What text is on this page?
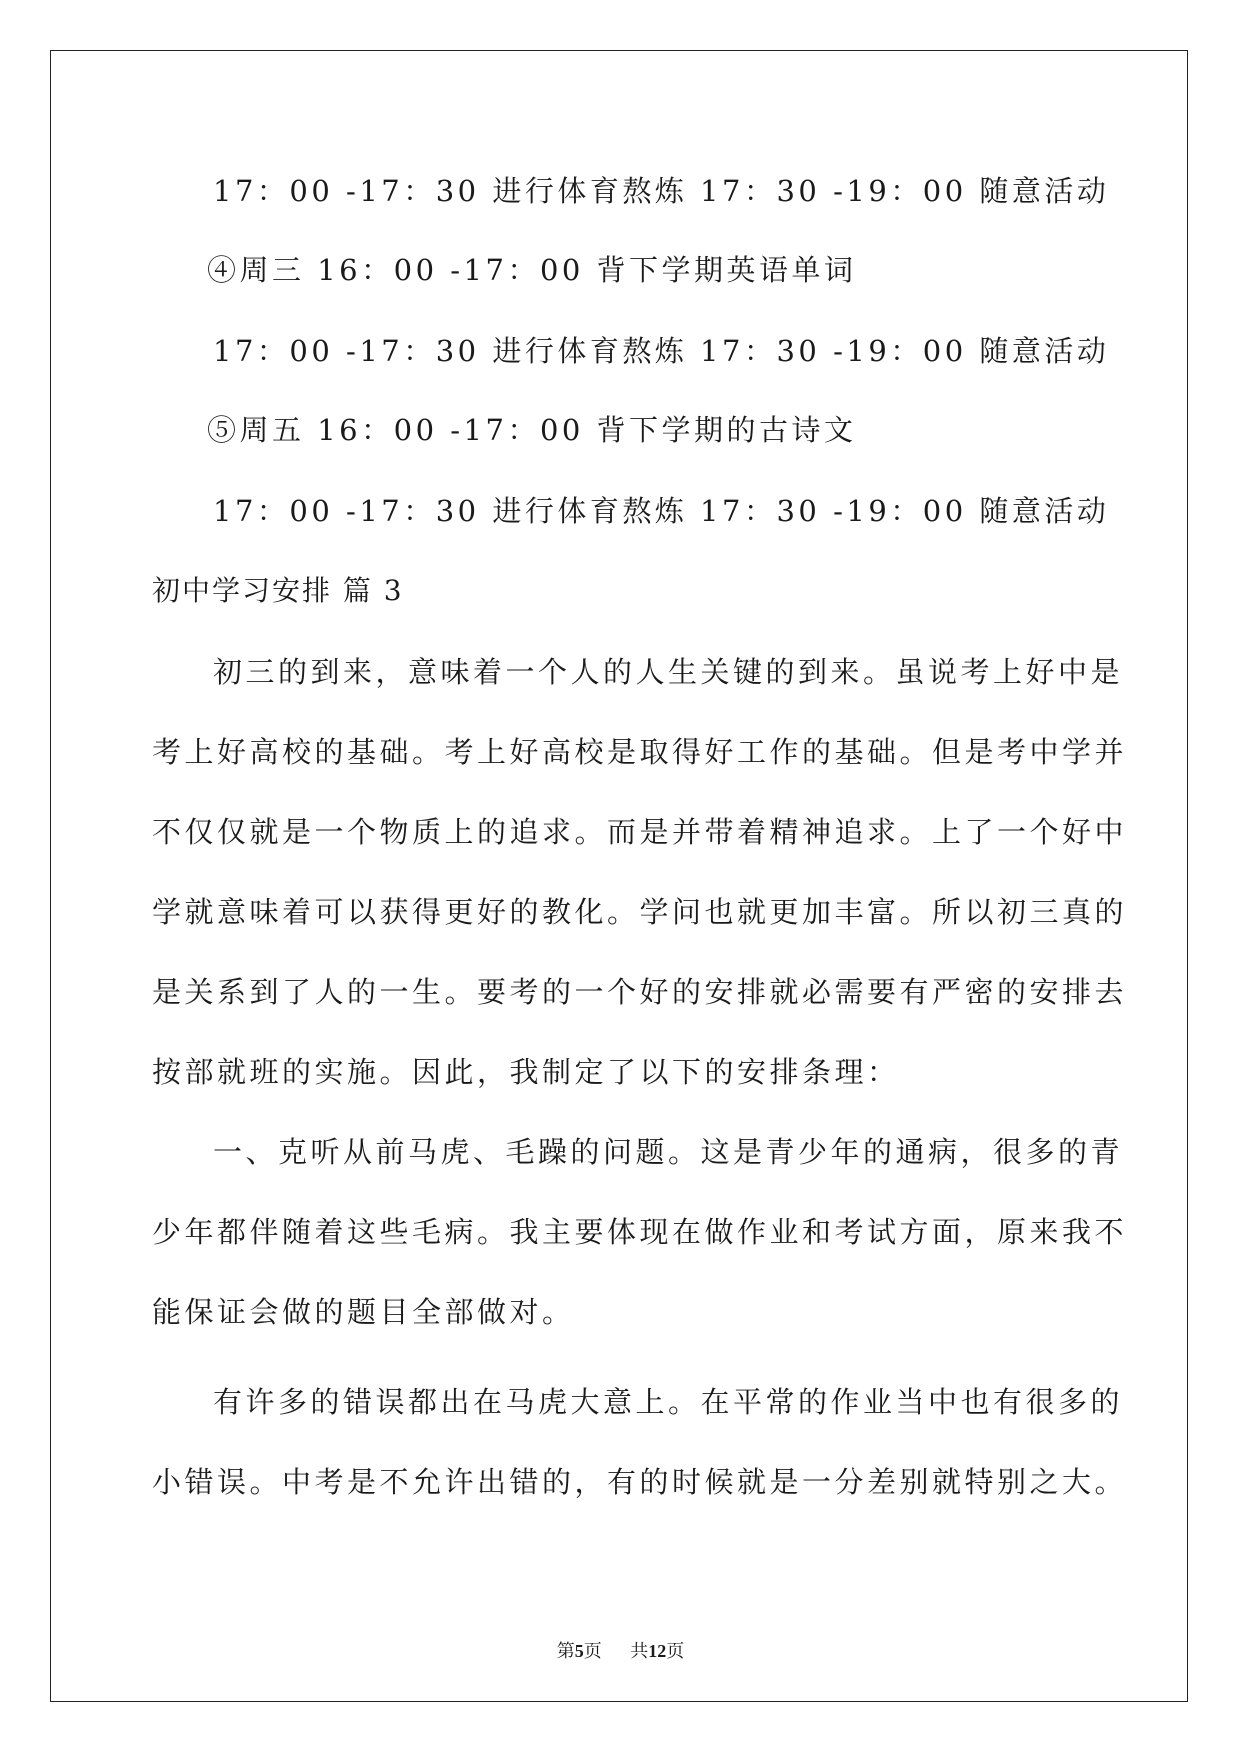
17：00 -17：30 进行体育熬炼 17：30 -19：00 随意活动
④周三 16：00 -17：00 背下学期英语单词
17：00 -17：30 进行体育熬炼 17：30 -19：00 随意活动
⑤周五 16：00 -17：00 背下学期的古诗文
17：00 -17：30 进行体育熬炼 17：30 -19：00 随意活动
初中学习安排 篇 3
初三的到来，意味着一个人的人生关键的到来。虽说考上好中是
考上好高校的基础。考上好高校是取得好工作的基础。但是考中学并
不仅仅就是一个物质上的追求。而是并带着精神追求。上了一个好中
学就意味着可以获得更好的教化。学问也就更加丰富。所以初三真的
是关系到了人的一生。要考的一个好的安排就必需要有严密的安排去
按部就班的实施。因此，我制定了以下的安排条理：
一、克听从前马虎、毛躁的问题。这是青少年的通病，很多的青
少年都伴随着这些毛病。我主要体现在做作业和考试方面，原来我不
能保证会做的题目全部做对。
有许多的错误都出在马虎大意上。在平常的作业当中也有很多的
小错误。中考是不允许出错的，有的时候就是一分差别就特别之大。
第5页 共12页
